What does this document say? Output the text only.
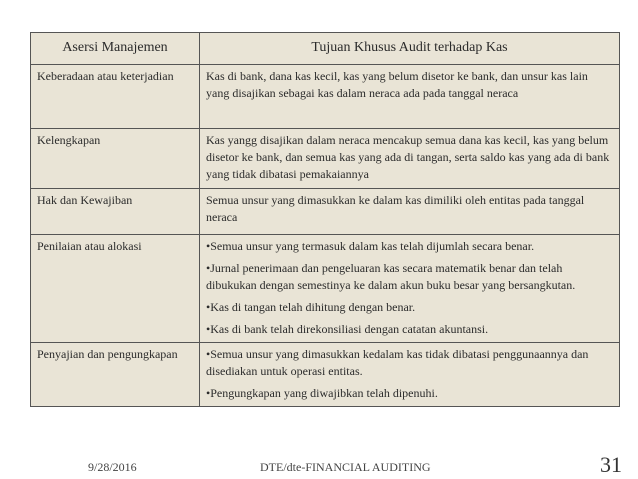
Asersi Manajemen	Tujuan Khusus Audit terhadap Kas
Keberadaan atau keterjadian	Kas di bank, dana kas kecil, kas yang belum disetor ke bank, dan unsur kas lain yang disajikan sebagai kas dalam neraca ada pada tanggal neraca
Kelengkapan	Kas yangg disajikan dalam neraca mencakup semua dana kas kecil, kas yang belum disetor ke bank, dan semua kas yang ada di tangan, serta saldo kas yang ada di bank yang tidak dibatasi pemakaiannya
Hak dan Kewajiban	Semua unsur yang dimasukkan ke dalam kas dimiliki oleh entitas pada tanggal neraca
Penilaian atau alokasi	•Semua unsur yang termasuk dalam kas telah dijumlah secara benar.
•Jurnal penerimaan dan pengeluaran kas secara matematik benar dan telah dibukukan dengan semestinya ke dalam akun buku besar yang bersangkutan.
•Kas di tangan telah dihitung dengan benar.
•Kas di bank telah direkonsiliasi dengan catatan akuntansi.

Penyajian dan pengungkapan	•Semua unsur yang dimasukkan kedalam kas tidak dibatasi penggunaannya dan disediakan untuk operasi entitas.
•Pengungkapan yang diwajibkan telah dipenuhi.
9/28/2016	DTE/dte-FINANCIAL AUDITING	31
